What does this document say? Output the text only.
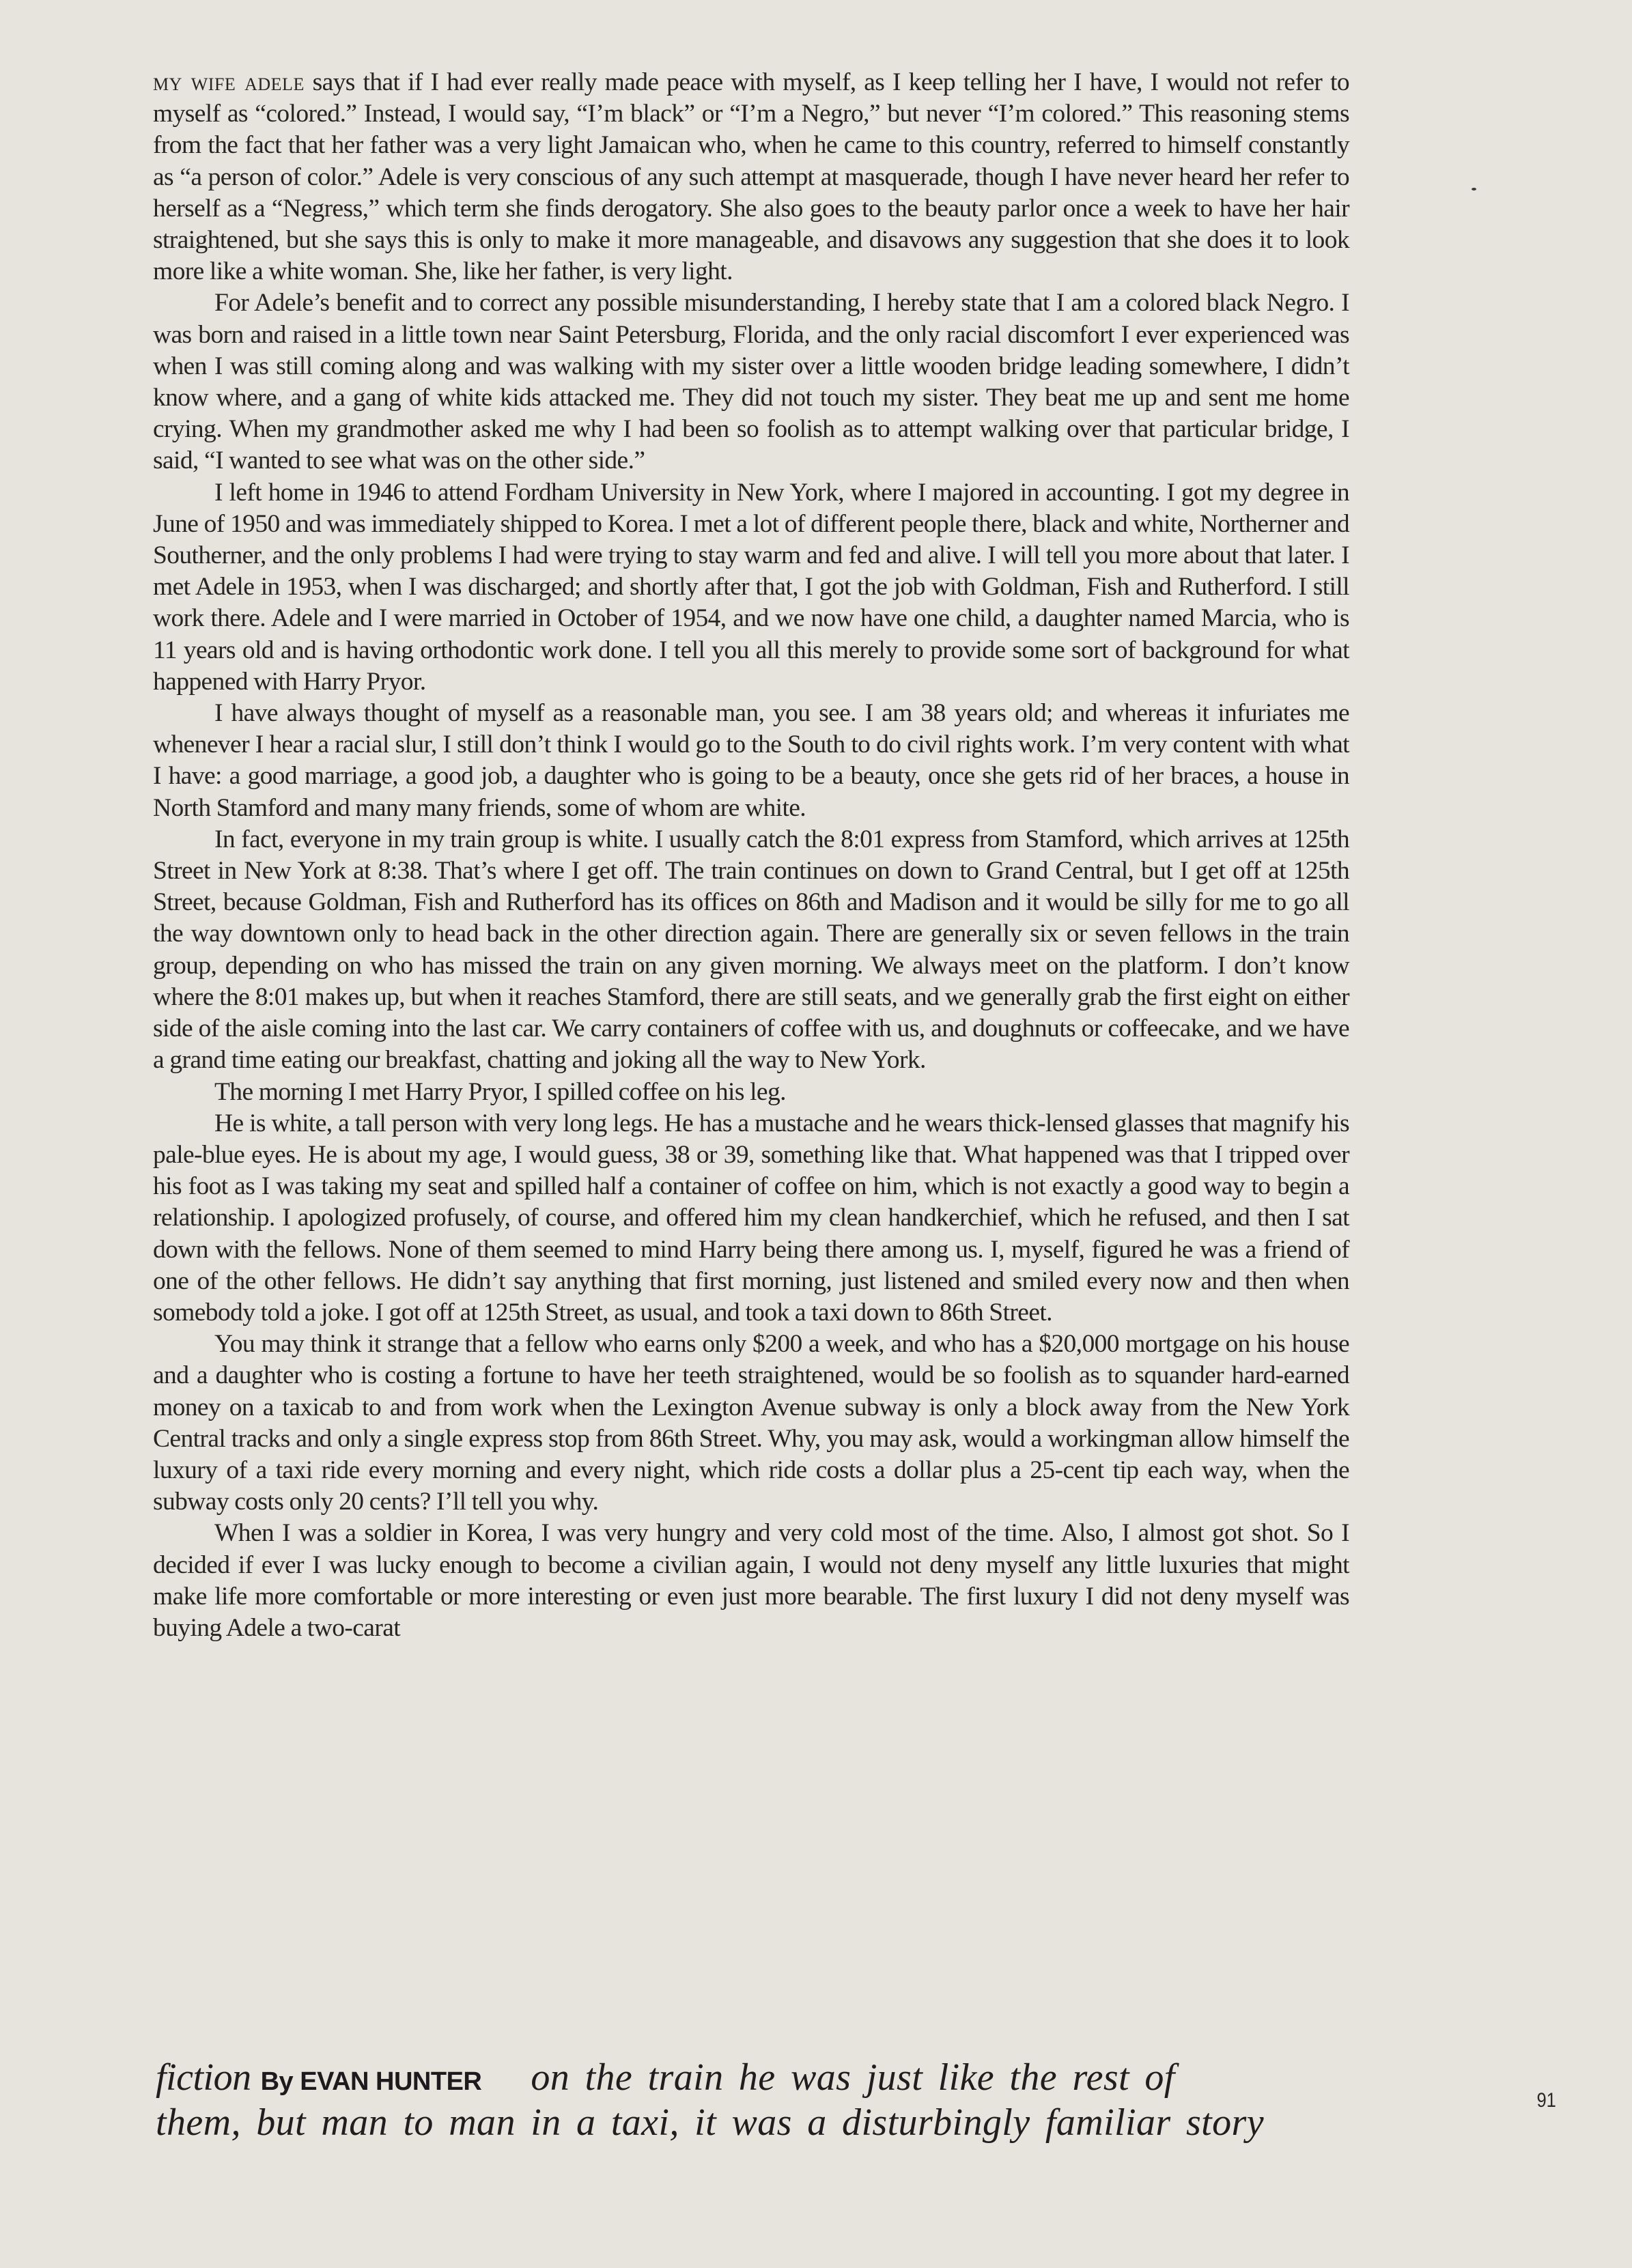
my wife adele says that if I had ever really made peace with myself, as I keep telling her I have, I would not refer to myself as “colored.” Instead, I would say, “I’m black” or “I’m a Negro,” but never “I’m colored.” This reasoning stems from the fact that her father was a very light Jamaican who, when he came to this country, referred to himself constantly as “a person of color.” Adele is very conscious of any such attempt at masquerade, though I have never heard her refer to herself as a “Negress,” which term she finds derogatory. She also goes to the beauty parlor once a week to have her hair straightened, but she says this is only to make it more manageable, and disavows any suggestion that she does it to look more like a white woman. She, like her father, is very light.

For Adele’s benefit and to correct any possible misunderstanding, I hereby state that I am a colored black Negro. I was born and raised in a little town near Saint Petersburg, Florida, and the only racial discomfort I ever experienced was when I was still coming along and was walking with my sister over a little wooden bridge leading somewhere, I didn’t know where, and a gang of white kids attacked me. They did not touch my sister. They beat me up and sent me home crying. When my grandmother asked me why I had been so foolish as to attempt walking over that particular bridge, I said, “I wanted to see what was on the other side.”

I left home in 1946 to attend Fordham University in New York, where I majored in accounting. I got my degree in June of 1950 and was immediately shipped to Korea. I met a lot of different people there, black and white, Northerner and Southerner, and the only problems I had were trying to stay warm and fed and alive. I will tell you more about that later. I met Adele in 1953, when I was discharged; and shortly after that, I got the job with Goldman, Fish and Rutherford. I still work there. Adele and I were married in October of 1954, and we now have one child, a daughter named Marcia, who is 11 years old and is having orthodontic work done. I tell you all this merely to provide some sort of background for what happened with Harry Pryor.

I have always thought of myself as a reasonable man, you see. I am 38 years old; and whereas it infuriates me whenever I hear a racial slur, I still don’t think I would go to the South to do civil rights work. I’m very content with what I have: a good marriage, a good job, a daughter who is going to be a beauty, once she gets rid of her braces, a house in North Stamford and many many friends, some of whom are white.

In fact, everyone in my train group is white. I usually catch the 8:01 express from Stamford, which arrives at 125th Street in New York at 8:38. That’s where I get off. The train continues on down to Grand Central, but I get off at 125th Street, because Goldman, Fish and Rutherford has its offices on 86th and Madison and it would be silly for me to go all the way downtown only to head back in the other direction again. There are generally six or seven fellows in the train group, depending on who has missed the train on any given morning. We always meet on the platform. I don’t know where the 8:01 makes up, but when it reaches Stamford, there are still seats, and we generally grab the first eight on either side of the aisle coming into the last car. We carry containers of coffee with us, and doughnuts or coffeecake, and we have a grand time eating our breakfast, chatting and joking all the way to New York.

The morning I met Harry Pryor, I spilled coffee on his leg.

He is white, a tall person with very long legs. He has a mustache and he wears thick-lensed glasses that magnify his pale-blue eyes. He is about my age, I would guess, 38 or 39, something like that. What happened was that I tripped over his foot as I was taking my seat and spilled half a container of coffee on him, which is not exactly a good way to begin a relationship. I apologized profusely, of course, and offered him my clean handkerchief, which he refused, and then I sat down with the fellows. None of them seemed to mind Harry being there among us. I, myself, figured he was a friend of one of the other fellows. He didn’t say anything that first morning, just listened and smiled every now and then when somebody told a joke. I got off at 125th Street, as usual, and took a taxi down to 86th Street.

You may think it strange that a fellow who earns only $200 a week, and who has a $20,000 mortgage on his house and a daughter who is costing a fortune to have her teeth straightened, would be so foolish as to squander hard-earned money on a taxicab to and from work when the Lexington Avenue subway is only a block away from the New York Central tracks and only a single express stop from 86th Street. Why, you may ask, would a workingman allow himself the luxury of a taxi ride every morning and every night, which ride costs a dollar plus a 25-cent tip each way, when the subway costs only 20 cents? I’ll tell you why.

When I was a soldier in Korea, I was very hungry and very cold most of the time. Also, I almost got shot. So I decided if ever I was lucky enough to become a civilian again, I would not deny myself any little luxuries that might make life more comfortable or more interesting or even just more bearable. The first luxury I did not deny myself was buying Adele a two-carat

fiction By EVAN HUNTER on the train he was just like the rest of
them, but man to man in a taxi, it was a disturbingly familiar story
91
